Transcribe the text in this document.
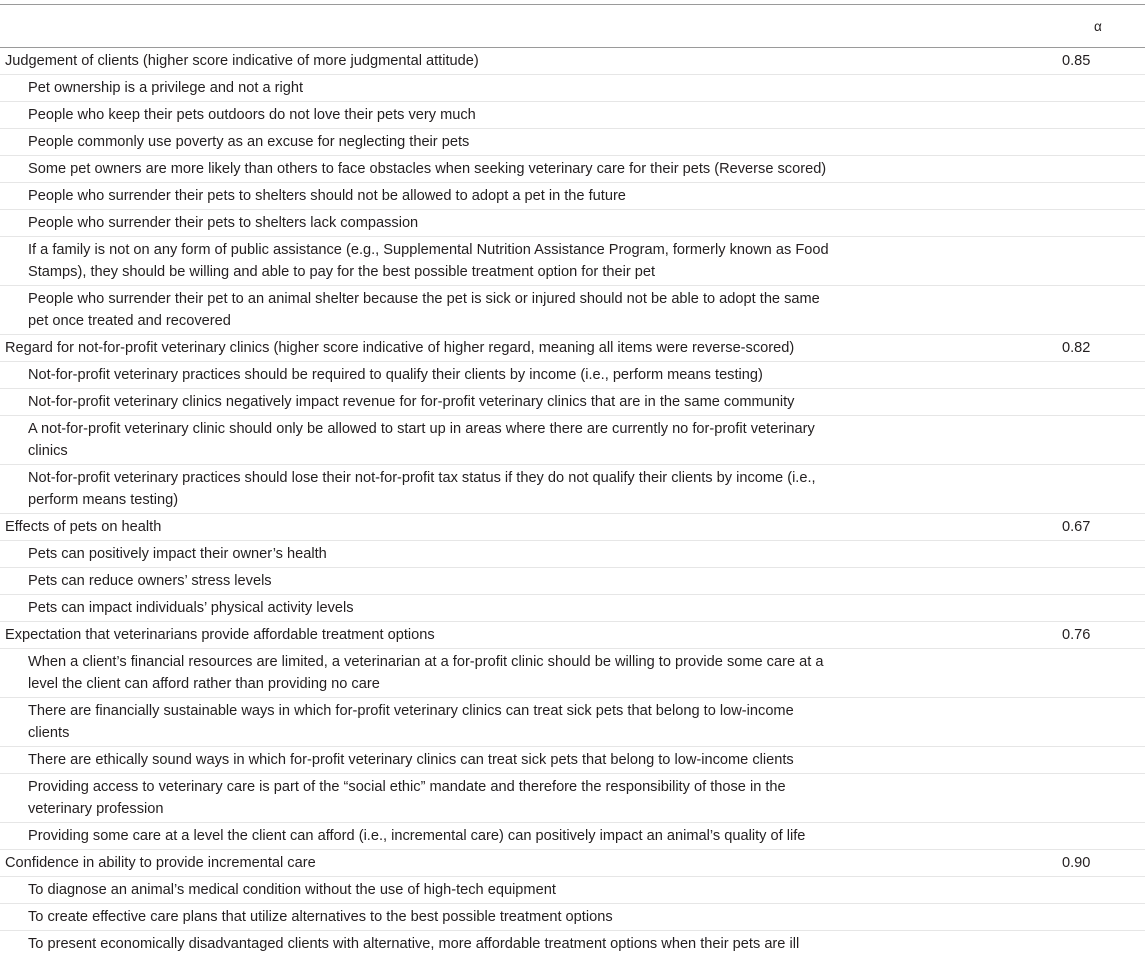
	α
Judgement of clients (higher score indicative of more judgmental attitude)	0.85
Pet ownership is a privilege and not a right	
People who keep their pets outdoors do not love their pets very much	
People commonly use poverty as an excuse for neglecting their pets	
Some pet owners are more likely than others to face obstacles when seeking veterinary care for their pets (Reverse scored)	
People who surrender their pets to shelters should not be allowed to adopt a pet in the future	
People who surrender their pets to shelters lack compassion	
If a family is not on any form of public assistance (e.g., Supplemental Nutrition Assistance Program, formerly known as Food Stamps), they should be willing and able to pay for the best possible treatment option for their pet	
People who surrender their pet to an animal shelter because the pet is sick or injured should not be able to adopt the same pet once treated and recovered	
Regard for not-for-profit veterinary clinics (higher score indicative of higher regard, meaning all items were reverse-scored)	0.82
Not-for-profit veterinary practices should be required to qualify their clients by income (i.e., perform means testing)	
Not-for-profit veterinary clinics negatively impact revenue for for-profit veterinary clinics that are in the same community	
A not-for-profit veterinary clinic should only be allowed to start up in areas where there are currently no for-profit veterinary clinics	
Not-for-profit veterinary practices should lose their not-for-profit tax status if they do not qualify their clients by income (i.e., perform means testing)	
Effects of pets on health	0.67
Pets can positively impact their owner’s health	
Pets can reduce owners’ stress levels	
Pets can impact individuals’ physical activity levels	
Expectation that veterinarians provide affordable treatment options	0.76
When a client’s financial resources are limited, a veterinarian at a for-profit clinic should be willing to provide some care at a level the client can afford rather than providing no care	
There are financially sustainable ways in which for-profit veterinary clinics can treat sick pets that belong to low-income clients	
There are ethically sound ways in which for-profit veterinary clinics can treat sick pets that belong to low-income clients	
Providing access to veterinary care is part of the “social ethic” mandate and therefore the responsibility of those in the veterinary profession	
Providing some care at a level the client can afford (i.e., incremental care) can positively impact an animal’s quality of life	
Confidence in ability to provide incremental care	0.90
To diagnose an animal’s medical condition without the use of high-tech equipment	
To create effective care plans that utilize alternatives to the best possible treatment options	
To present economically disadvantaged clients with alternative, more affordable treatment options when their pets are ill	
